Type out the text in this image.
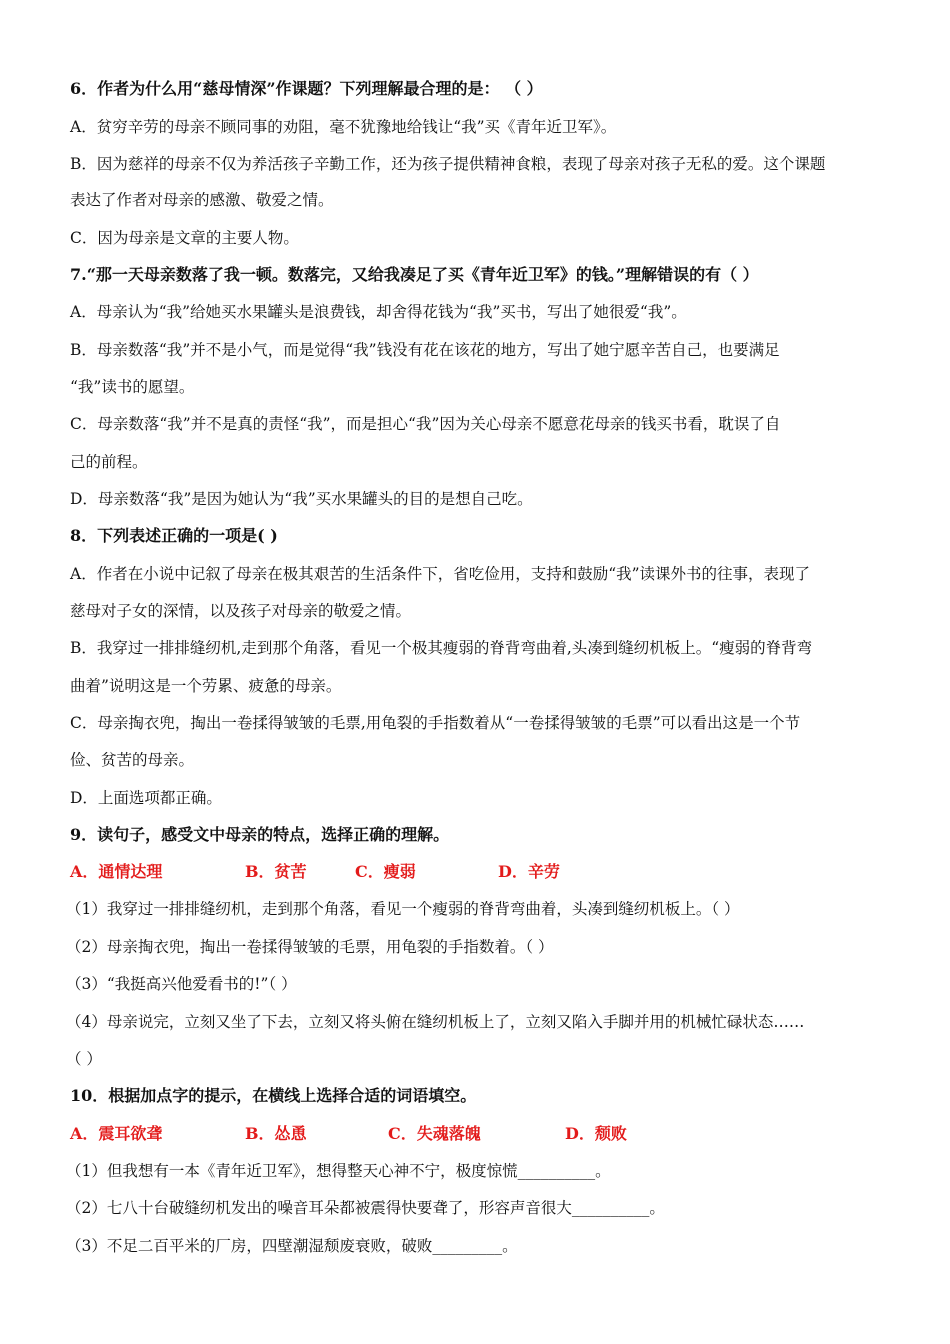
6．作者为什么用“慈母情深”作课题？下列理解最合理的是： （ ）
A．贫穷辛劳的母亲不顾同事的劝阻，毫不犹豫地给钱让“我”买《青年近卫军》。
B．因为慈祥的母亲不仅为养活孩子辛勤工作，还为孩子提供精神食粮，表现了母亲对孩子无私的爱。这个课题
表达了作者对母亲的感激、敬爱之情。
C．因为母亲是文章的主要人物。
7.“那一天母亲数落了我一顿。数落完，又给我凑足了买《青年近卫军》的钱。”理解错误的有（ ）
A．母亲认为“我”给她买水果罐头是浪费钱，却舍得花钱为“我”买书，写出了她很爱“我”。
B．母亲数落“我”并不是小气，而是觉得“我”钱没有花在该花的地方，写出了她宁愿辛苦自己，也要满足
“我”读书的愿望。
C．母亲数落“我”并不是真的责怪“我”，而是担心“我”因为关心母亲不愿意花母亲的钱买书看，耽误了自
己的前程。
D．母亲数落“我”是因为她认为“我”买水果罐头的目的是想自己吃。
8．下列表述正确的一项是( )
A．作者在小说中记叙了母亲在极其艰苦的生活条件下，省吃俭用，支持和鼓励“我”读课外书的往事，表现了
慈母对子女的深情，以及孩子对母亲的敬爱之情。
B．我穿过一排排缝纫机,走到那个角落，看见一个极其瘦弱的脊背弯曲着,头凑到缝纫机板上。“瘦弱的脊背弯
曲着”说明这是一个劳累、疲惫的母亲。
C．母亲掏衣兜，掏出一卷揉得皱皱的毛票,用龟裂的手指数着从“一卷揉得皱皱的毛票”可以看出这是一个节
俭、贫苦的母亲。
D．上面选项都正确。
9．读句子，感受文中母亲的特点，选择正确的理解。
A．通情达理	B．贫苦	C．瘦弱	D．辛劳
（1）我穿过一排排缝纫机，走到那个角落，看见一个瘦弱的脊背弯曲着，头凑到缝纫机板上。（ ）
（2）母亲掏衣兜，掏出一卷揉得皱皱的毛票，用龟裂的手指数着。（ ）
（3）“我挺高兴他爱看书的!”（ ）
（4）母亲说完，立刻又坐了下去，立刻又将头俯在缝纫机板上了，立刻又陷入手脚并用的机械忙碌状态……
（ ）
10．根据加点字的提示，在横线上选择合适的词语填空。
A．震耳欲聋	B．怂恿	C．失魂落魄	D．颓败
（1）但我想有一本《青年近卫军》，想得整天心神不宁，极度惊慌__________。
（2）七八十台破缝纫机发出的噪音耳朵都被震得快要聋了，形容声音很大__________。
（3）不足二百平米的厂房，四壁潮湿颓废衰败，破败_________。
